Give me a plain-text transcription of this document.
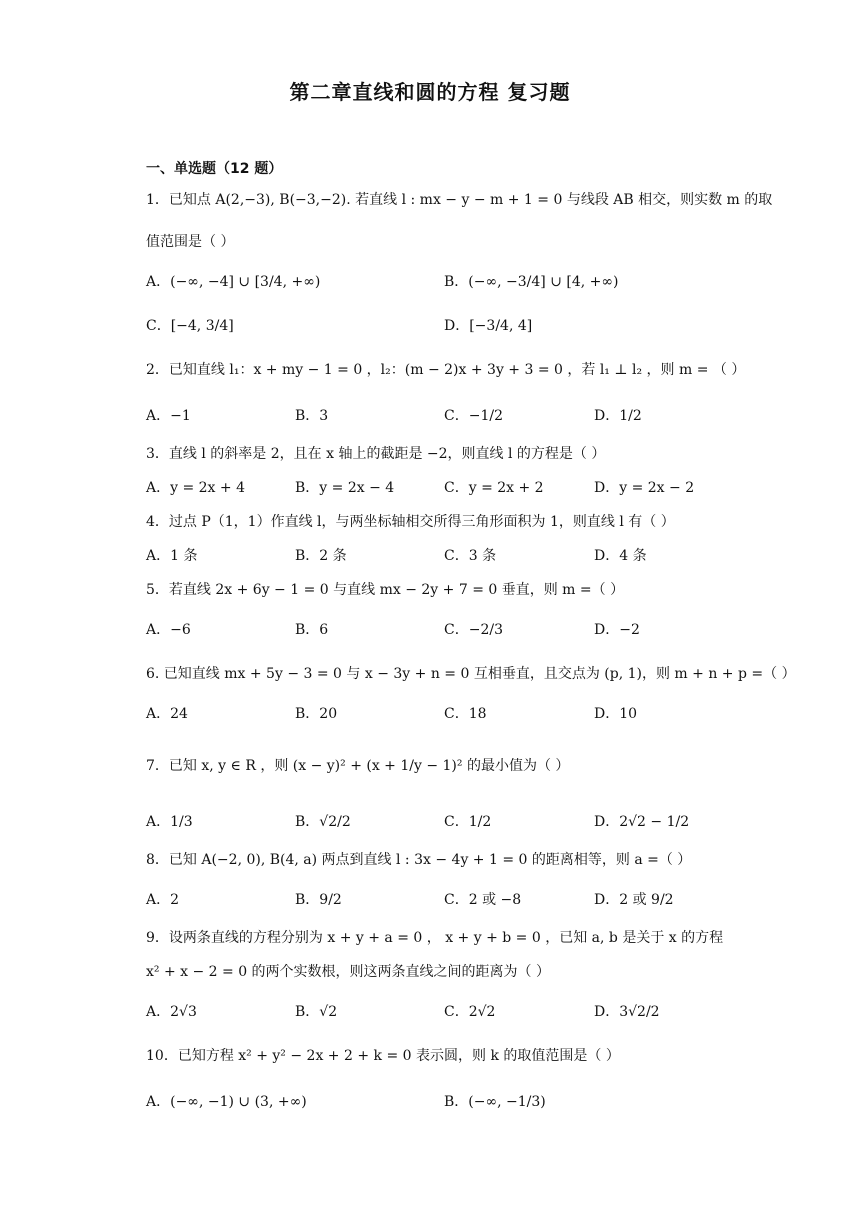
第二章直线和圆的方程 复习题
一、单选题（12 题）
1．已知点 A(2,−3), B(−3,−2). 若直线 l : mx − y − m + 1 = 0 与线段 AB 相交，则实数 m 的取
值范围是（ ）
A．(−∞, −4] ∪ [3/4, +∞)	B．(−∞, −3/4] ∪ [4, +∞)
C．[−4, 3/4]	D．[−3/4, 4]
2．已知直线 l₁：x + my − 1 = 0 ，l₂：(m − 2)x + 3y + 3 = 0 ，若 l₁ ⊥ l₂ ，则 m = （ ）
A．−1	B．3	C．−1/2	D．1/2
3．直线 l 的斜率是 2，且在 x 轴上的截距是 −2，则直线 l 的方程是（ ）
A．y = 2x + 4	B．y = 2x − 4	C．y = 2x + 2	D．y = 2x − 2
4．过点 P（1，1）作直线 l，与两坐标轴相交所得三角形面积为 1，则直线 l 有（ ）
A．1 条	B．2 条	C．3 条	D．4 条
5．若直线 2x + 6y − 1 = 0 与直线 mx − 2y + 7 = 0 垂直，则 m =（ ）
A．−6	B．6	C．−2/3	D．−2
6. 已知直线 mx + 5y − 3 = 0 与 x − 3y + n = 0 互相垂直，且交点为 (p, 1)，则 m + n + p =（ ）
A．24	B．20	C．18	D．10
7．已知 x, y ∈ R ，则 (x − y)² + (x + 1/y − 1)² 的最小值为（ ）
A．1/3	B．√2/2	C．1/2	D．2√2 − 1/2
8．已知 A(−2, 0), B(4, a) 两点到直线 l : 3x − 4y + 1 = 0 的距离相等，则 a =（ ）
A．2	B．9/2	C．2 或 −8	D．2 或 9/2
9．设两条直线的方程分别为 x + y + a = 0 ， x + y + b = 0 ，已知 a, b 是关于 x 的方程
x² + x − 2 = 0 的两个实数根，则这两条直线之间的距离为（ ）
A．2√3	B．√2	C．2√2	D．3√2/2
10．已知方程 x² + y² − 2x + 2 + k = 0 表示圆，则 k 的取值范围是（ ）
A．(−∞, −1) ∪ (3, +∞)	B．(−∞, −1/3)
